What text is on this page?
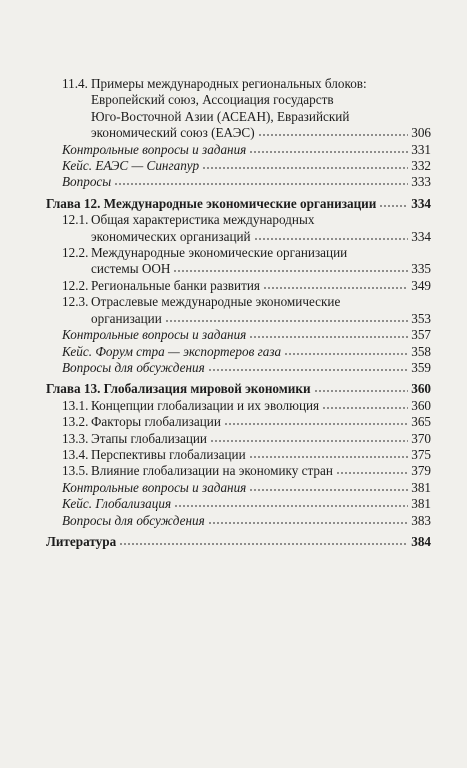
11.4. Примеры международных региональных блоков:
Европейский союз, Ассоциация государств
Юго-Восточной Азии (АСЕАН), Евразийский
экономический союз (ЕАЭС)	306
Контрольные вопросы и задания	331
Кейс. ЕАЭС — Сингапур	332
Вопросы	333
Глава 12. Международные экономические организации	334
12.1. Общая характеристика международных
экономических организаций	334
12.2. Международные экономические организации
системы ООН	335
12.2. Региональные банки развития	349
12.3. Отраслевые международные экономические
организации	353
Контрольные вопросы и задания	357
Кейс. Форум стра — экспортеров газа	358
Вопросы для обсуждения	359
Глава 13. Глобализация мировой экономики	360
13.1. Концепции глобализации и их эволюция	360
13.2. Факторы глобализации	365
13.3. Этапы глобализации	370
13.4. Перспективы глобализации	375
13.5. Влияние глобализации на экономику стран	379
Контрольные вопросы и задания	381
Кейс. Глобализация	381
Вопросы для обсуждения	383
Литература	384
